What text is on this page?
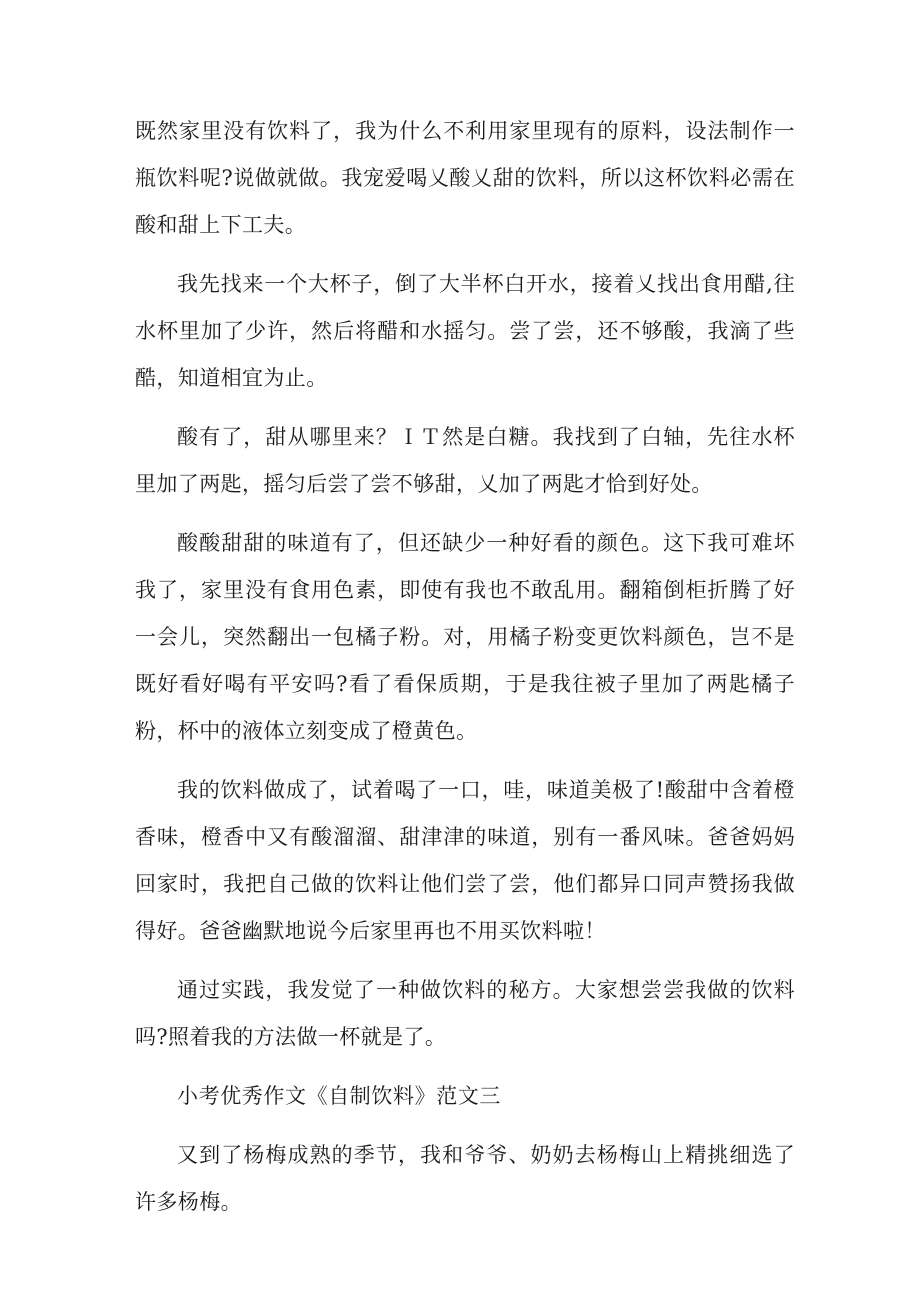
既然家里没有饮料了，我为什么不利用家里现有的原料，设法制作一瓶饮料呢?说做就做。我宠爱喝乂酸乂甜的饮料，所以这杯饮料必需在酸和甜上下工夫。

我先找来一个大杯子，倒了大半杯白开水，接着乂找出食用醋,往水杯里加了少许，然后将醋和水摇匀。尝了尝，还不够酸，我滴了些酷，知道相宜为止。

酸有了，甜从哪里来？ＩＴ然是白糖。我找到了白轴，先往水杯里加了两匙，摇匀后尝了尝不够甜，乂加了两匙才恰到好处。

酸酸甜甜的味道有了，但还缺少一种好看的颜色。这下我可难坏我了，家里没有食用色素，即使有我也不敢乱用。翻箱倒柜折腾了好一会儿，突然翻出一包橘子粉。对，用橘子粉变更饮料颜色，岂不是既好看好喝有平安吗?看了看保质期，于是我往被子里加了两匙橘子粉，杯中的液体立刻变成了橙黄色。

我的饮料做成了，试着喝了一口，哇，味道美极了!酸甜中含着橙香味，橙香中又有酸溜溜、甜津津的味道，别有一番风味。爸爸妈妈回家时，我把自己做的饮料让他们尝了尝，他们都异口同声赞扬我做得好。爸爸幽默地说今后家里再也不用买饮料啦！

通过实践，我发觉了一种做饮料的秘方。大家想尝尝我做的饮料吗?照着我的方法做一杯就是了。

小考优秀作文《自制饮料》范文三

又到了杨梅成熟的季节，我和爷爷、奶奶去杨梅山上精挑细选了许多杨梅。
